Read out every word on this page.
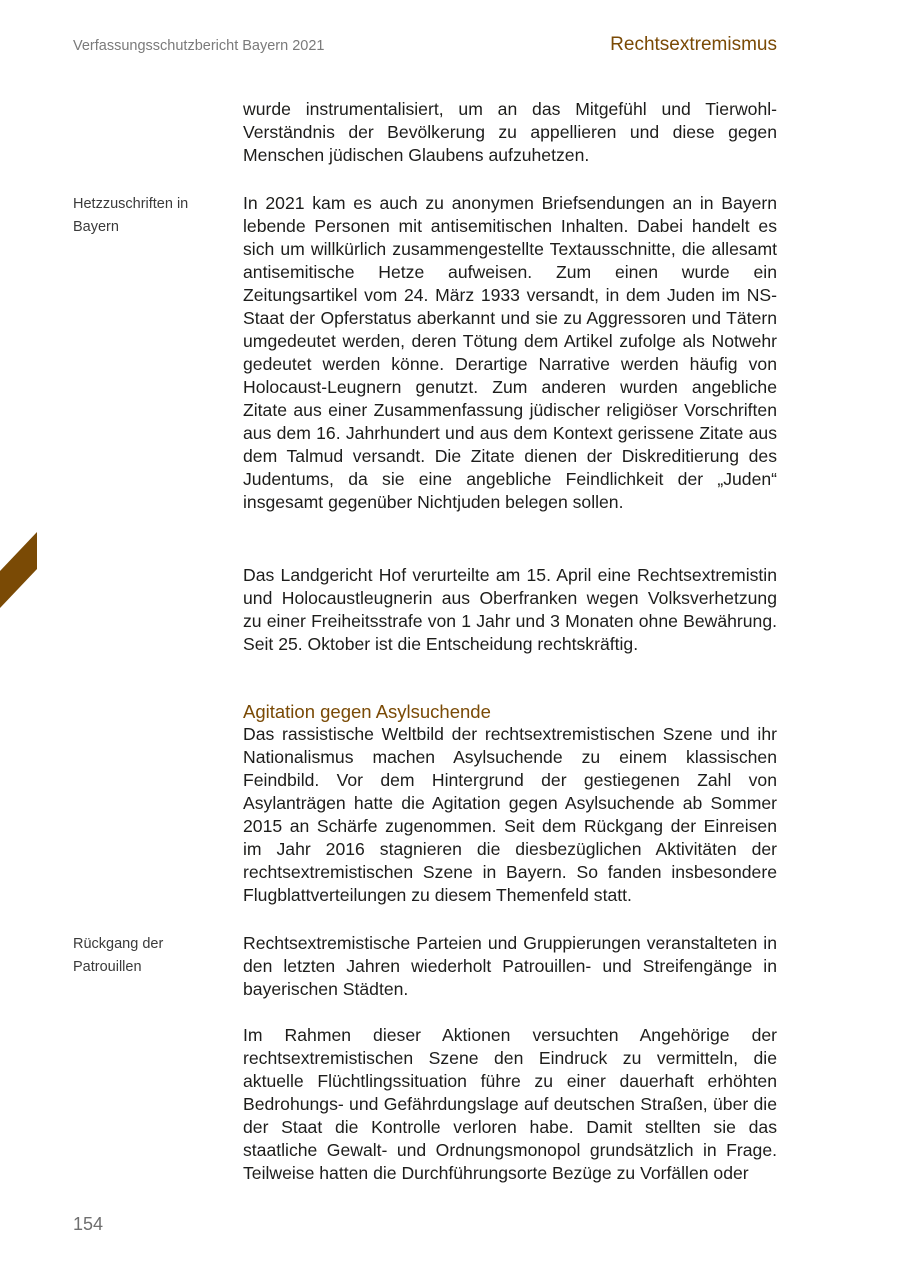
Verfassungsschutzbericht Bayern 2021	Rechtsextremismus
Hetzzuschriften in
Bayern
Rückgang der
Patrouillen

wurde instrumentalisiert, um an das Mitgefühl und Tierwohl-Verständnis der Bevölkerung zu appellieren und diese gegen Menschen jüdischen Glaubens aufzuhetzen.

In 2021 kam es auch zu anonymen Briefsendungen an in Bayern lebende Personen mit antisemitischen Inhalten. Dabei handelt es sich um willkürlich zusammengestellte Textausschnitte, die allesamt antisemitische Hetze aufweisen. Zum einen wurde ein Zeitungsartikel vom 24. März 1933 versandt, in dem Juden im NS-Staat der Opferstatus aberkannt und sie zu Aggressoren und Tätern umgedeutet werden, deren Tötung dem Artikel zufolge als Notwehr gedeutet werden könne. Derartige Narrative werden häufig von Holocaust-Leugnern genutzt. Zum anderen wurden angebliche Zitate aus einer Zusammenfassung jüdischer religiöser Vorschriften aus dem 16. Jahrhundert und aus dem Kontext gerissene Zitate aus dem Talmud versandt. Die Zitate dienen der Diskreditierung des Judentums, da sie eine angebliche Feindlichkeit der „Juden“ insgesamt gegenüber Nichtjuden belegen sollen.

Das Landgericht Hof verurteilte am 15. April eine Rechtsextremistin und Holocaustleugnerin aus Oberfranken wegen Volksverhetzung zu einer Freiheitsstrafe von 1 Jahr und 3 Monaten ohne Bewährung. Seit 25. Oktober ist die Entscheidung rechtskräftig.

Agitation gegen Asylsuchende

Das rassistische Weltbild der rechtsextremistischen Szene und ihr Nationalismus machen Asylsuchende zu einem klassischen Feindbild. Vor dem Hintergrund der gestiegenen Zahl von Asylanträgen hatte die Agitation gegen Asylsuchende ab Sommer 2015 an Schärfe zugenommen. Seit dem Rückgang der Einreisen im Jahr 2016 stagnieren die diesbezüglichen Aktivitäten der rechtsextremistischen Szene in Bayern. So fanden insbesondere Flugblattverteilungen zu diesem Themenfeld statt.

Rechtsextremistische Parteien und Gruppierungen veranstalteten in den letzten Jahren wiederholt Patrouillen- und Streifengänge in bayerischen Städten.

Im Rahmen dieser Aktionen versuchten Angehörige der rechtsextremistischen Szene den Eindruck zu vermitteln, die aktuelle Flüchtlingssituation führe zu einer dauerhaft erhöhten Bedrohungs- und Gefährdungslage auf deutschen Straßen, über die der Staat die Kontrolle verloren habe. Damit stellten sie das staatliche Gewalt- und Ordnungsmonopol grundsätzlich in Frage. Teilweise hatten die Durchführungsorte Bezüge zu Vorfällen oder

154
